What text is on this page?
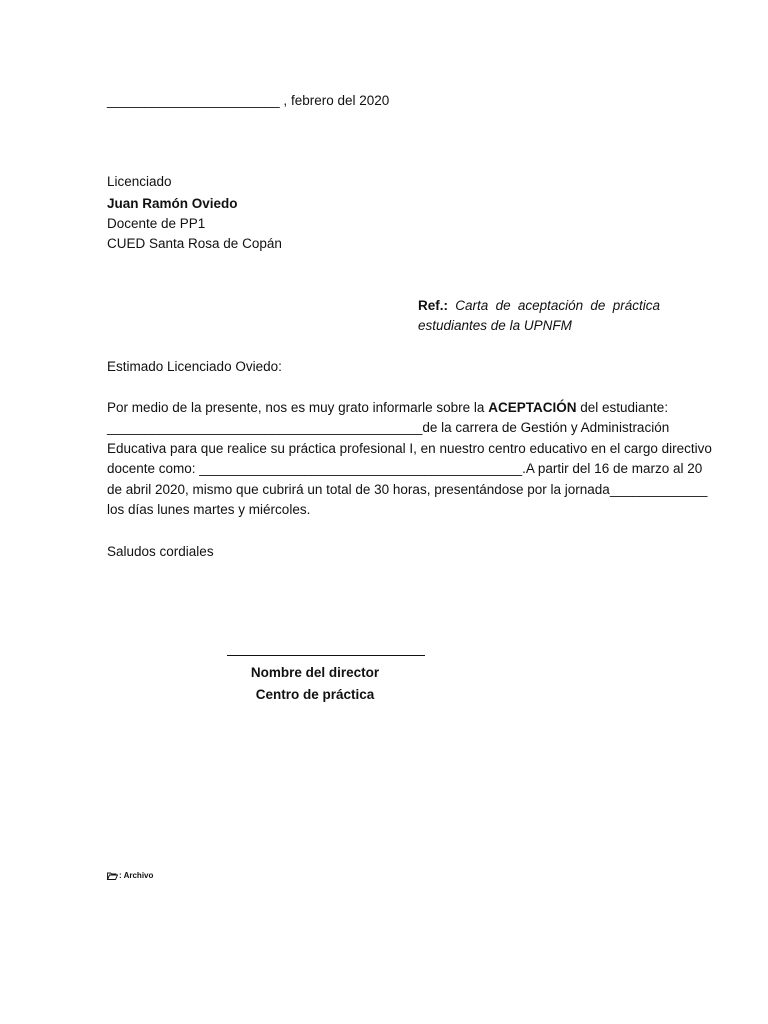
_______________________ , febrero del 2020
Licenciado
Juan Ramón Oviedo
Docente de PP1
CUED Santa Rosa de Copán
Ref.: Carta de aceptación de práctica
estudiantes de la UPNFM
Estimado Licenciado Oviedo:
Por medio de la presente, nos es muy grato informarle sobre la ACEPTACIÓN del estudiante:
__________________________________________de la carrera de Gestión y Administración
Educativa para que realice su práctica profesional I, en nuestro centro educativo en el cargo directivo
docente como: ___________________________________________.A partir del 16 de marzo al 20
de abril 2020, mismo que cubrirá un total de 30 horas, presentándose por la jornada_____________
los días lunes martes y miércoles.
Saludos cordiales
Nombre del director
Centro de práctica
: Archivo
